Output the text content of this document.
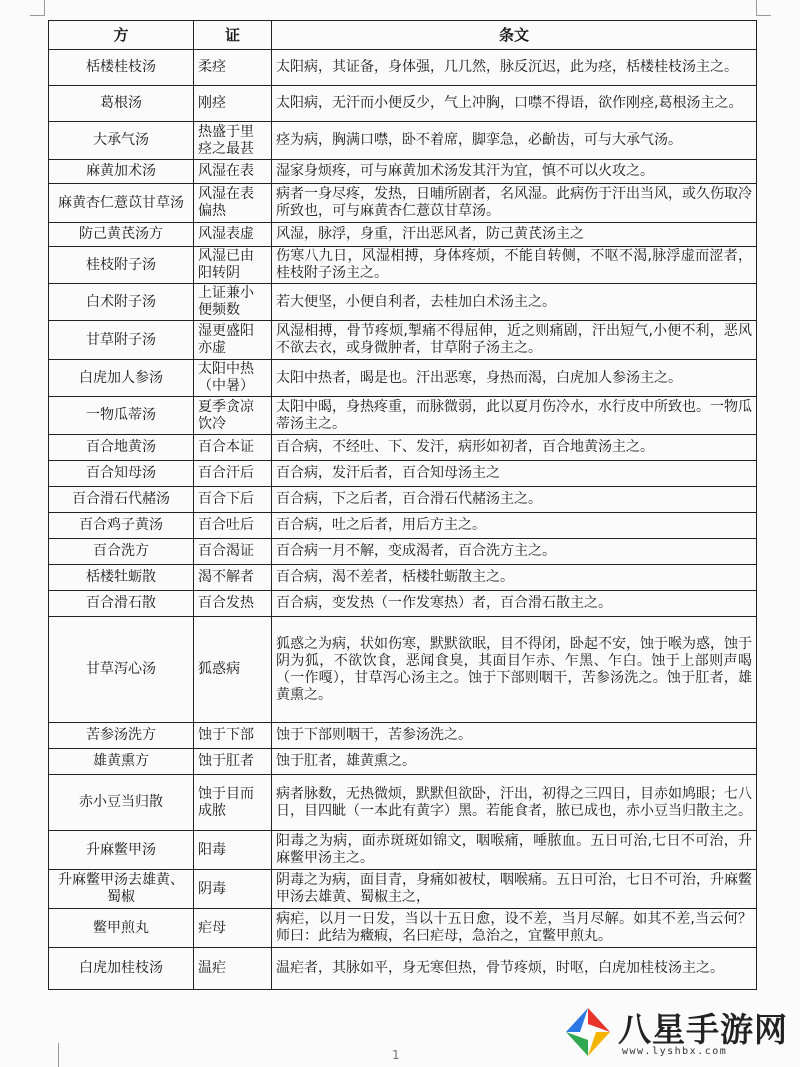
方	证	条文
栝楼桂枝汤	柔痉	太阳病，其证备，身体强，几几然，脉反沉迟，此为痉，栝楼桂枝汤主之。
葛根汤	刚痉	太阳病，无汗而小便反少，气上冲胸，口噤不得语，欲作刚痉,葛根汤主之。
大承气汤	热盛于里痉之最甚	痉为病，胸满口噤，卧不着席，脚挛急，必齘齿，可与大承气汤。
麻黄加术汤	风湿在表	湿家身烦疼，可与麻黄加术汤发其汗为宜，慎不可以火攻之。
麻黄杏仁薏苡甘草汤	风湿在表偏热	病者一身尽疼，发热，日晡所剧者，名风湿。此病伤于汗出当风，或久伤取冷所致也，可与麻黄杏仁薏苡甘草汤。
防己黄芪汤方	风湿表虚	风湿，脉浮，身重，汗出恶风者，防己黄芪汤主之
桂枝附子汤	风湿已由阳转阴	伤寒八九日，风湿相搏，身体疼烦，不能自转侧，不呕不渴,脉浮虚而涩者，桂枝附子汤主之。
白术附子汤	上证兼小便频数	若大便坚，小便自利者，去桂加白术汤主之。
甘草附子汤	湿更盛阳亦虚	风湿相搏，骨节疼烦,掣痛不得屈伸，近之则痛剧，汗出短气,小便不利，恶风不欲去衣，或身微肿者，甘草附子汤主之。
白虎加人参汤	太阳中热（中暑）	太阳中热者，暍是也。汗出恶寒，身热而渴，白虎加人参汤主之。
一物瓜蒂汤	夏季贪凉饮冷	太阳中暍，身热疼重，而脉微弱，此以夏月伤冷水，水行皮中所致也。一物瓜蒂汤主之。
百合地黄汤	百合本证	百合病，不经吐、下、发汗，病形如初者，百合地黄汤主之。
百合知母汤	百合汗后	百合病，发汗后者，百合知母汤主之
百合滑石代赭汤	百合下后	百合病，下之后者，百合滑石代赭汤主之。
百合鸡子黄汤	百合吐后	百合病，吐之后者，用后方主之。
百合洗方	百合渴证	百合病一月不解，变成渴者，百合洗方主之。
栝楼牡蛎散	渴不解者	百合病，渴不差者，栝楼牡蛎散主之。
百合滑石散	百合发热	百合病，变发热（一作发寒热）者，百合滑石散主之。
甘草泻心汤	狐惑病	狐惑之为病，状如伤寒，默默欲眠，目不得闭，卧起不安，蚀于喉为惑，蚀于阴为狐，不欲饮食，恶闻食臭，其面目乍赤、乍黑、乍白。蚀于上部则声喝（一作嘎），甘草泻心汤主之。蚀于下部则咽干，苦参汤洗之。蚀于肛者，雄黄熏之。
苦参汤洗方	蚀于下部	蚀于下部则咽干，苦参汤洗之。
雄黄熏方	蚀于肛者	蚀于肛者，雄黄熏之。
赤小豆当归散	蚀于目而成脓	病者脉数，无热微烦，默默但欲卧，汗出，初得之三四日，目赤如鸠眼；七八日，目四眦（一本此有黄字）黑。若能食者，脓已成也，赤小豆当归散主之。
升麻鳖甲汤	阳毒	阳毒之为病，面赤斑斑如锦文，咽喉痛，唾脓血。五日可治,七日不可治，升麻鳖甲汤主之。
升麻鳖甲汤去雄黄、蜀椒	阴毒	阴毒之为病，面目青，身痛如被杖，咽喉痛。五日可治，七日不可治，升麻鳖甲汤去雄黄、蜀椒主之，
鳖甲煎丸	疟母	病疟，以月一日发，当以十五日愈，设不差，当月尽解。如其不差,当云何？师曰：此结为癥瘕，名曰疟母，急治之，宜鳖甲煎丸。
白虎加桂枝汤	温疟	温疟者，其脉如平，身无寒但热，骨节疼烦，时呕，白虎加桂枝汤主之。
1
八星手游网
www.lyshbx.com
